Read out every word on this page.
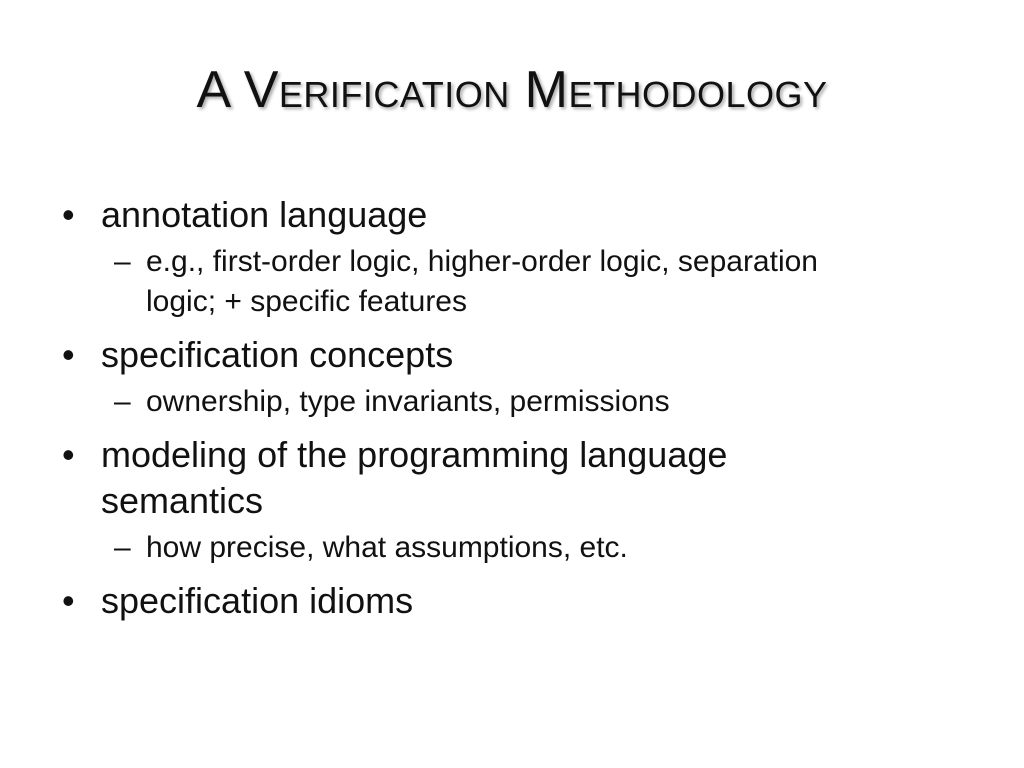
A Verification Methodology
• annotation language
– e.g., first-order logic, higher-order logic, separation logic; + specific features
• specification concepts
– ownership, type invariants, permissions
• modeling of the programming language semantics
– how precise, what assumptions, etc.
• specification idioms
